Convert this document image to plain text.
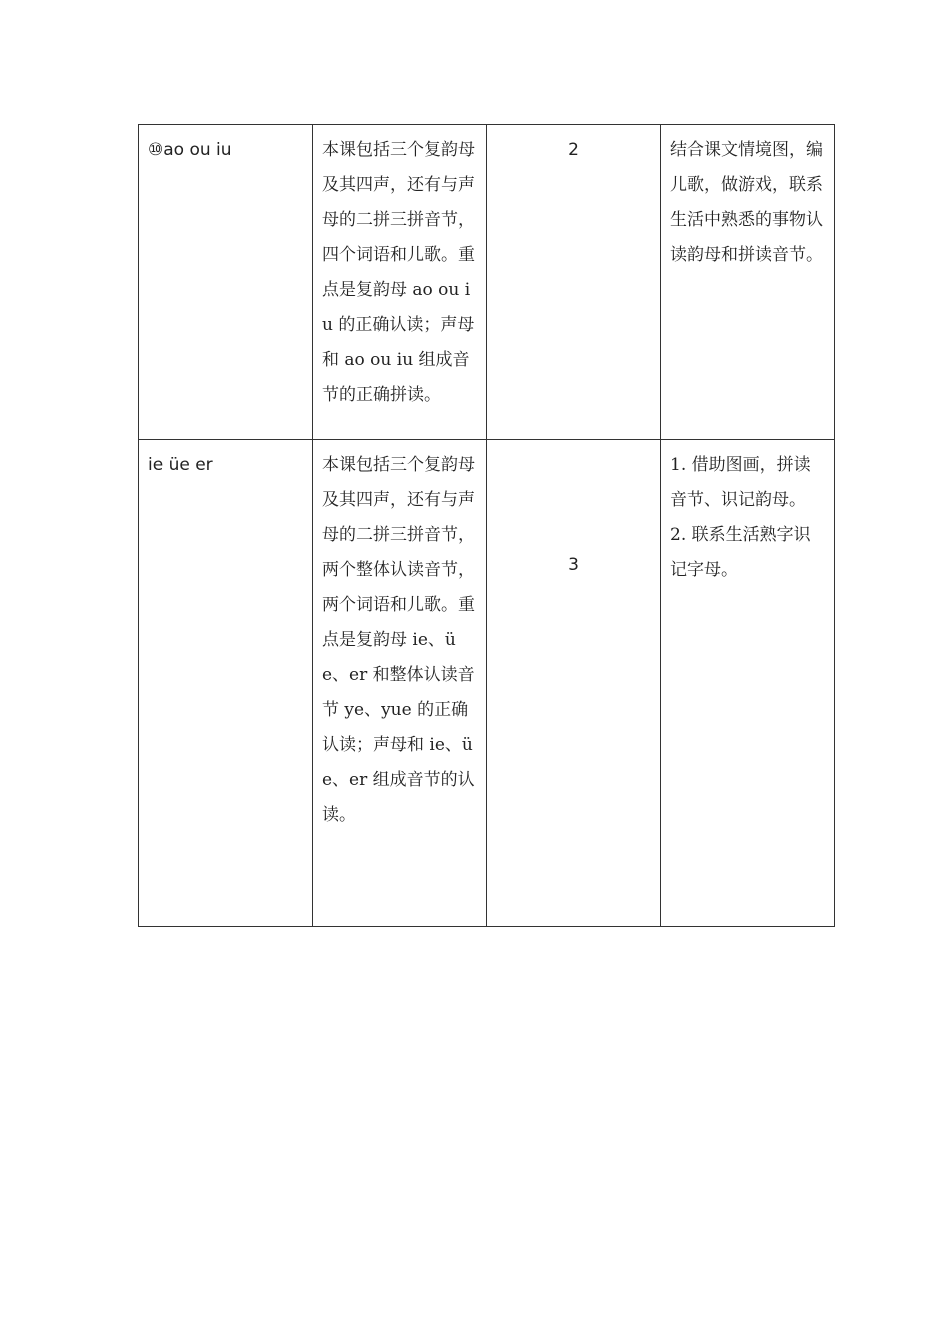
⑩ao ou iu	本课包括三个复韵母及其四声，还有与声母的二拼三拼音节，四个词语和儿歌。重点是复韵母 ao ou iu 的正确认读；声母和 ao ou iu 组成音节的正确拼读。	2	结合课文情境图，编儿歌，做游戏，联系生活中熟悉的事物认读韵母和拼读音节。

ie üe er	本课包括三个复韵母及其四声，还有与声母的二拼三拼音节，两个整体认读音节，两个词语和儿歌。重点是复韵母 ie、üe、er 和整体认读音节 ye、yue 的正确认读；声母和 ie、üe、er 组成音节的认读。	3	1. 借助图画，拼读音节、识记韵母。
2. 联系生活熟字识记字母。
